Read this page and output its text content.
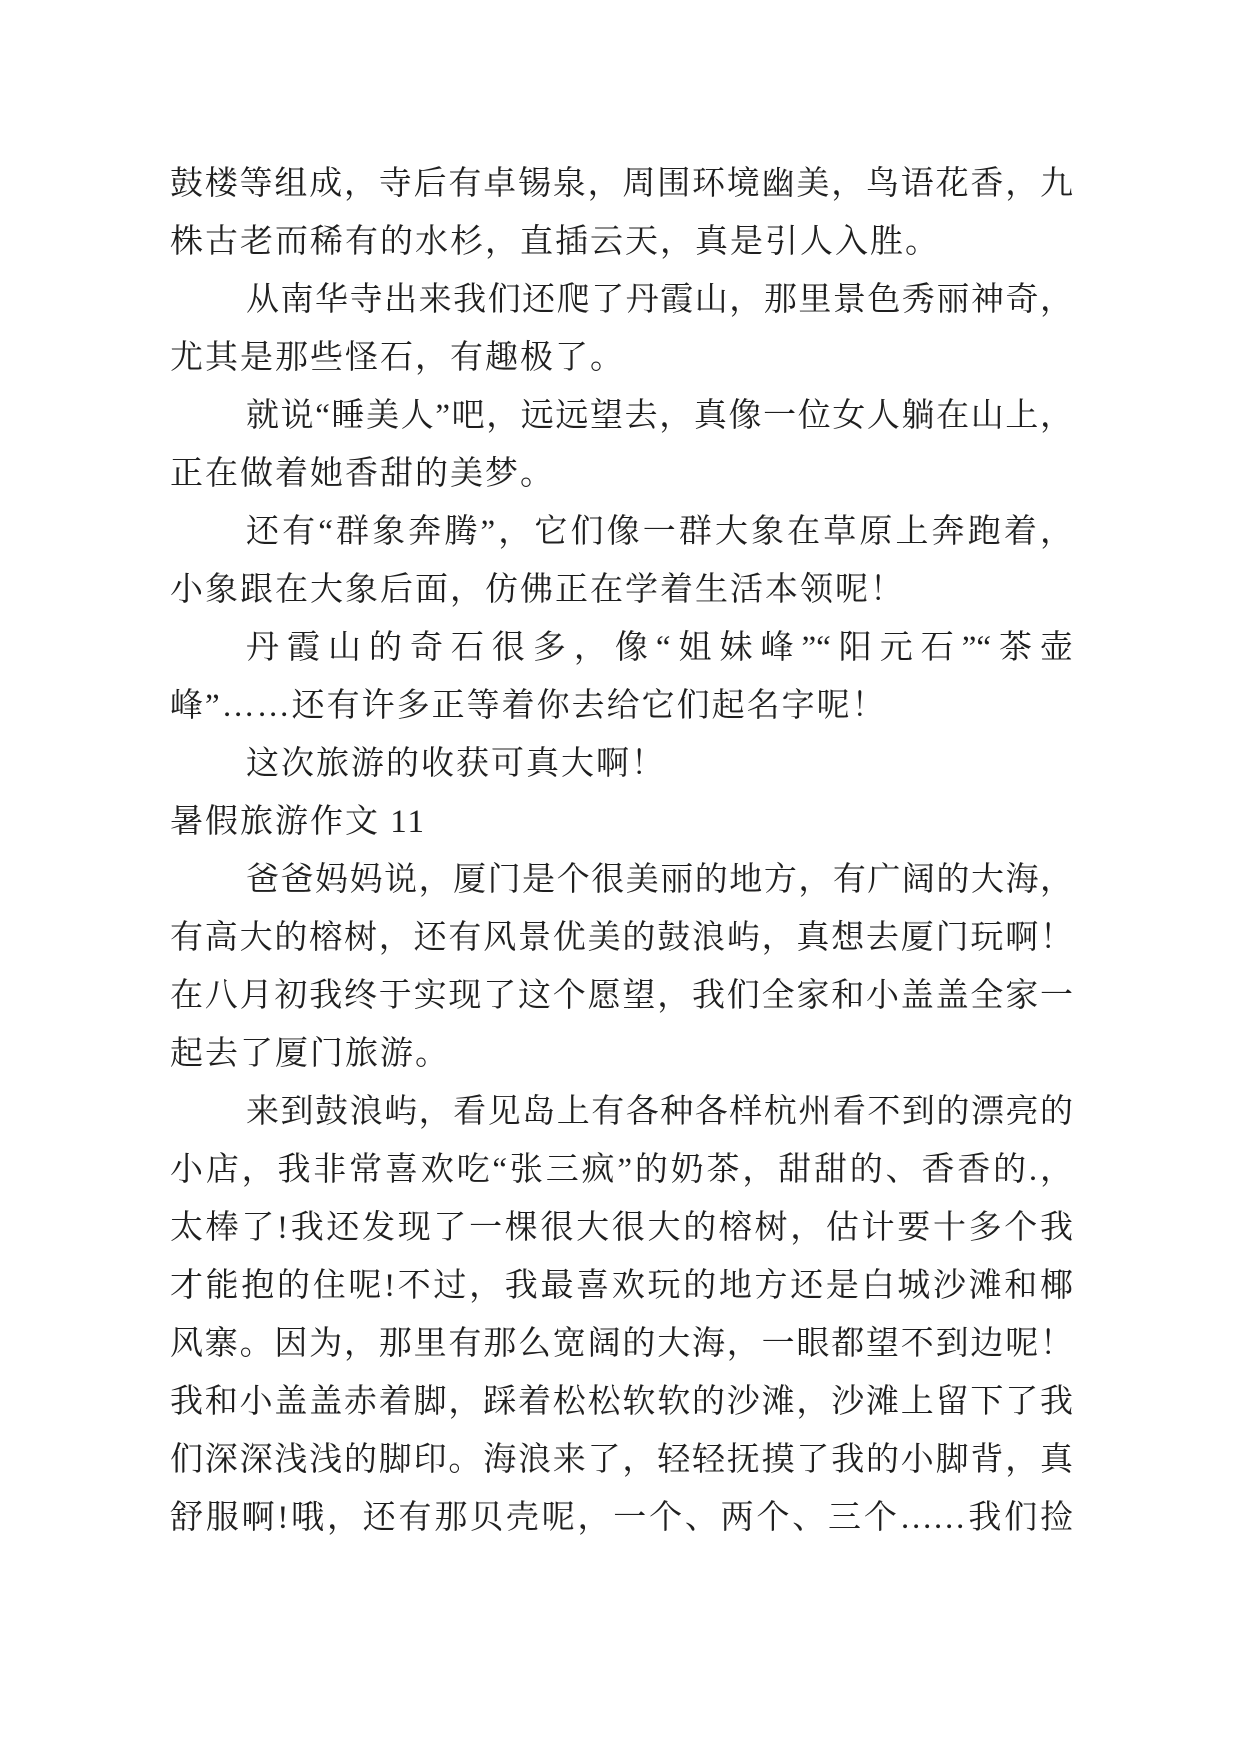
鼓楼等组成，寺后有卓锡泉，周围环境幽美，鸟语花香，九
株古老而稀有的水杉，直插云天，真是引人入胜。
从南华寺出来我们还爬了丹霞山，那里景色秀丽神奇，
尤其是那些怪石，有趣极了。
就说“睡美人”吧，远远望去，真像一位女人躺在山上，
正在做着她香甜的美梦。
还有“群象奔腾”，它们像一群大象在草原上奔跑着，
小象跟在大象后面，仿佛正在学着生活本领呢！
丹霞山的奇石很多，像“姐妹峰”“阳元石”“茶壶
峰”……还有许多正等着你去给它们起名字呢！
这次旅游的收获可真大啊！
暑假旅游作文 11
爸爸妈妈说，厦门是个很美丽的地方，有广阔的大海，
有高大的榕树，还有风景优美的鼓浪屿，真想去厦门玩啊！
在八月初我终于实现了这个愿望，我们全家和小盖盖全家一
起去了厦门旅游。
来到鼓浪屿，看见岛上有各种各样杭州看不到的漂亮的
小店，我非常喜欢吃“张三疯”的奶茶，甜甜的、香香的.，
太棒了!我还发现了一棵很大很大的榕树，估计要十多个我
才能抱的住呢!不过，我最喜欢玩的地方还是白城沙滩和椰
风寨。因为，那里有那么宽阔的大海，一眼都望不到边呢！
我和小盖盖赤着脚，踩着松松软软的沙滩，沙滩上留下了我
们深深浅浅的脚印。海浪来了，轻轻抚摸了我的小脚背，真
舒服啊!哦，还有那贝壳呢，一个、两个、三个……我们捡
